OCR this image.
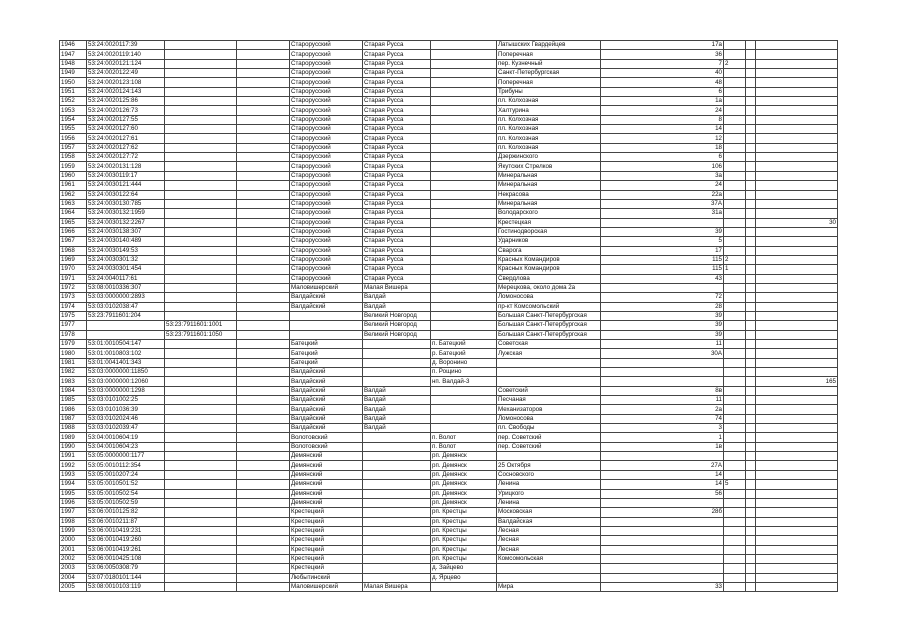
1946	53:24:0020117:39			Старорусский	Старая Русса		Латышских Гвардейцев	17а			
1947	53:24:0020119:140			Старорусский	Старая Русса		Поперечная	36			
1948	53:24:0020121:124			Старорусский	Старая Русса		пер. Кузнечный	7	2		
1949	53:24:0020122:49			Старорусский	Старая Русса		Санкт-Петербургская	40			
1950	53:24:0020123:108			Старорусский	Старая Русса		Поперечная	48			
1951	53:24:0020124:143			Старорусский	Старая Русса		Трибуны	6			
1952	53:24:0020125:86			Старорусский	Старая Русса		пл. Колхозная	1а			
1953	53:24:0020126:73			Старорусский	Старая Русса		Халтурина	24			
1954	53:24:0020127:55			Старорусский	Старая Русса		пл. Колхозная	8			
1955	53:24:0020127:60			Старорусский	Старая Русса		пл. Колхозная	14			
1956	53:24:0020127:61			Старорусский	Старая Русса		пл. Колхозная	12			
1957	53:24:0020127:62			Старорусский	Старая Русса		пл. Колхозная	18			
1958	53:24:0020127:72			Старорусский	Старая Русса		Дзержинского	6			
1959	53:24:0020131:128			Старорусский	Старая Русса		Якутских Стрелков	106			
1960	53:24:0030119:17			Старорусский	Старая Русса		Минеральная	3а			
1961	53:24:0030121:444			Старорусский	Старая Русса		Минеральная	24			
1962	53:24:0030122:64			Старорусский	Старая Русса		Некрасова	22а			
1963	53:24:0030130:785			Старорусский	Старая Русса		Минеральная	37А			
1964	53:24:0030132:1959			Старорусский	Старая Русса		Володарского	31а			
1965	53:24:0030132:2267			Старорусский	Старая Русса		Крестецкая				30
1966	53:24:0030138:307			Старорусский	Старая Русса		Гостинодворская	39			
1967	53:24:0030140:489			Старорусский	Старая Русса		Ударников	5			
1968	53:24:0030149:53			Старорусский	Старая Русса		Сварога	17			
1969	53:24:0030301:32			Старорусский	Старая Русса		Красных Командиров	115	2		
1970	53:24:0030301:454			Старорусский	Старая Русса		Красных Командиров	115	1		
1971	53:24:0040117:61			Старорусский	Старая Русса		Свердлова	43			
1972	53:08:0010336:307			Маловишерский	Малая Вишера		Мерецкова, около дома 2а				
1973	53:03:0000000:2893			Валдайский	Валдай		Ломоносова	72			
1974	53:03:0102038:47			Валдайский	Валдай		пр-кт Комсомольский	28			
1975	53:23:7911601:204				Великий Новгород		Большая Санкт-Петербургская	39			
1977		53:23:7911601:1001			Великий Новгород		Большая Санкт-Петербургская	39			
1978		53:23:7911601:1050			Великий Новгород		Большая Санкт-Петербургская	39			
1979	53:01:0010504:147			Батецкий		п. Батецкий	Советская	11			
1980	53:01:0010803:102			Батецкий		р. Батецкий	Лужская	30А			
1981	53:01:0041401:343			Батецкий		д. Воронино					
1982	53:03:0000000:11850			Валдайский		п. Рощино					
1983	53:03:0000000:12060			Валдайский		нп. Валдай-3					165
1984	53:03:0000000:1298			Валдайский	Валдай		Советский	8в			
1985	53:03:0101002:25			Валдайский	Валдай		Песчаная	11			
1986	53:03:0101036:39			Валдайский	Валдай		Механизаторов	2а			
1987	53:03:0102024:46			Валдайский	Валдай		Ломоносова	74			
1988	53:03:0102039:47			Валдайский	Валдай		пл. Свободы	3			
1989	53:04:0010604:19			Волотовский		п. Волот	пер. Советский	1			
1990	53:04:0010604:23			Волотовский		п. Волот	пер. Советский	1в			
1991	53:05:0000000:1177			Демянский		рп. Демянск					
1992	53:05:0010112:354			Демянский		рп. Демянск	25 Октября	27А			
1993	53:05:0010207:24			Демянский		рп. Демянск	Сосновского	14			
1994	53:05:0010501:52			Демянский		рп. Демянск	Ленина	14	5		
1995	53:05:0010502:54			Демянский		рп. Демянск	Урицкого	56			
1996	53:05:0010502:59			Демянский		рп. Демянск	Ленина				
1997	53:06:0010125:82			Крестецкий		рп. Крестцы	Московская	28б			
1998	53:06:0010211:87			Крестецкий		рп. Крестцы	Валдайская				
1999	53:06:0010419:231			Крестецкий		рп. Крестцы	Лесная				
2000	53:06:0010419:260			Крестецкий		рп. Крестцы	Лесная				
2001	53:06:0010419:261			Крестецкий		рп. Крестцы	Лесная				
2002	53:06:0010425:108			Крестецкий		рп. Крестцы	Комсомольская				
2003	53:06:0050308:79			Крестецкий		д. Зайцево					
2004	53:07:0180101:144			Любытинский		д. Ярцево					
2005	53:08:0010103:119			Маловишерский	Малая Вишера		Мира	33			
